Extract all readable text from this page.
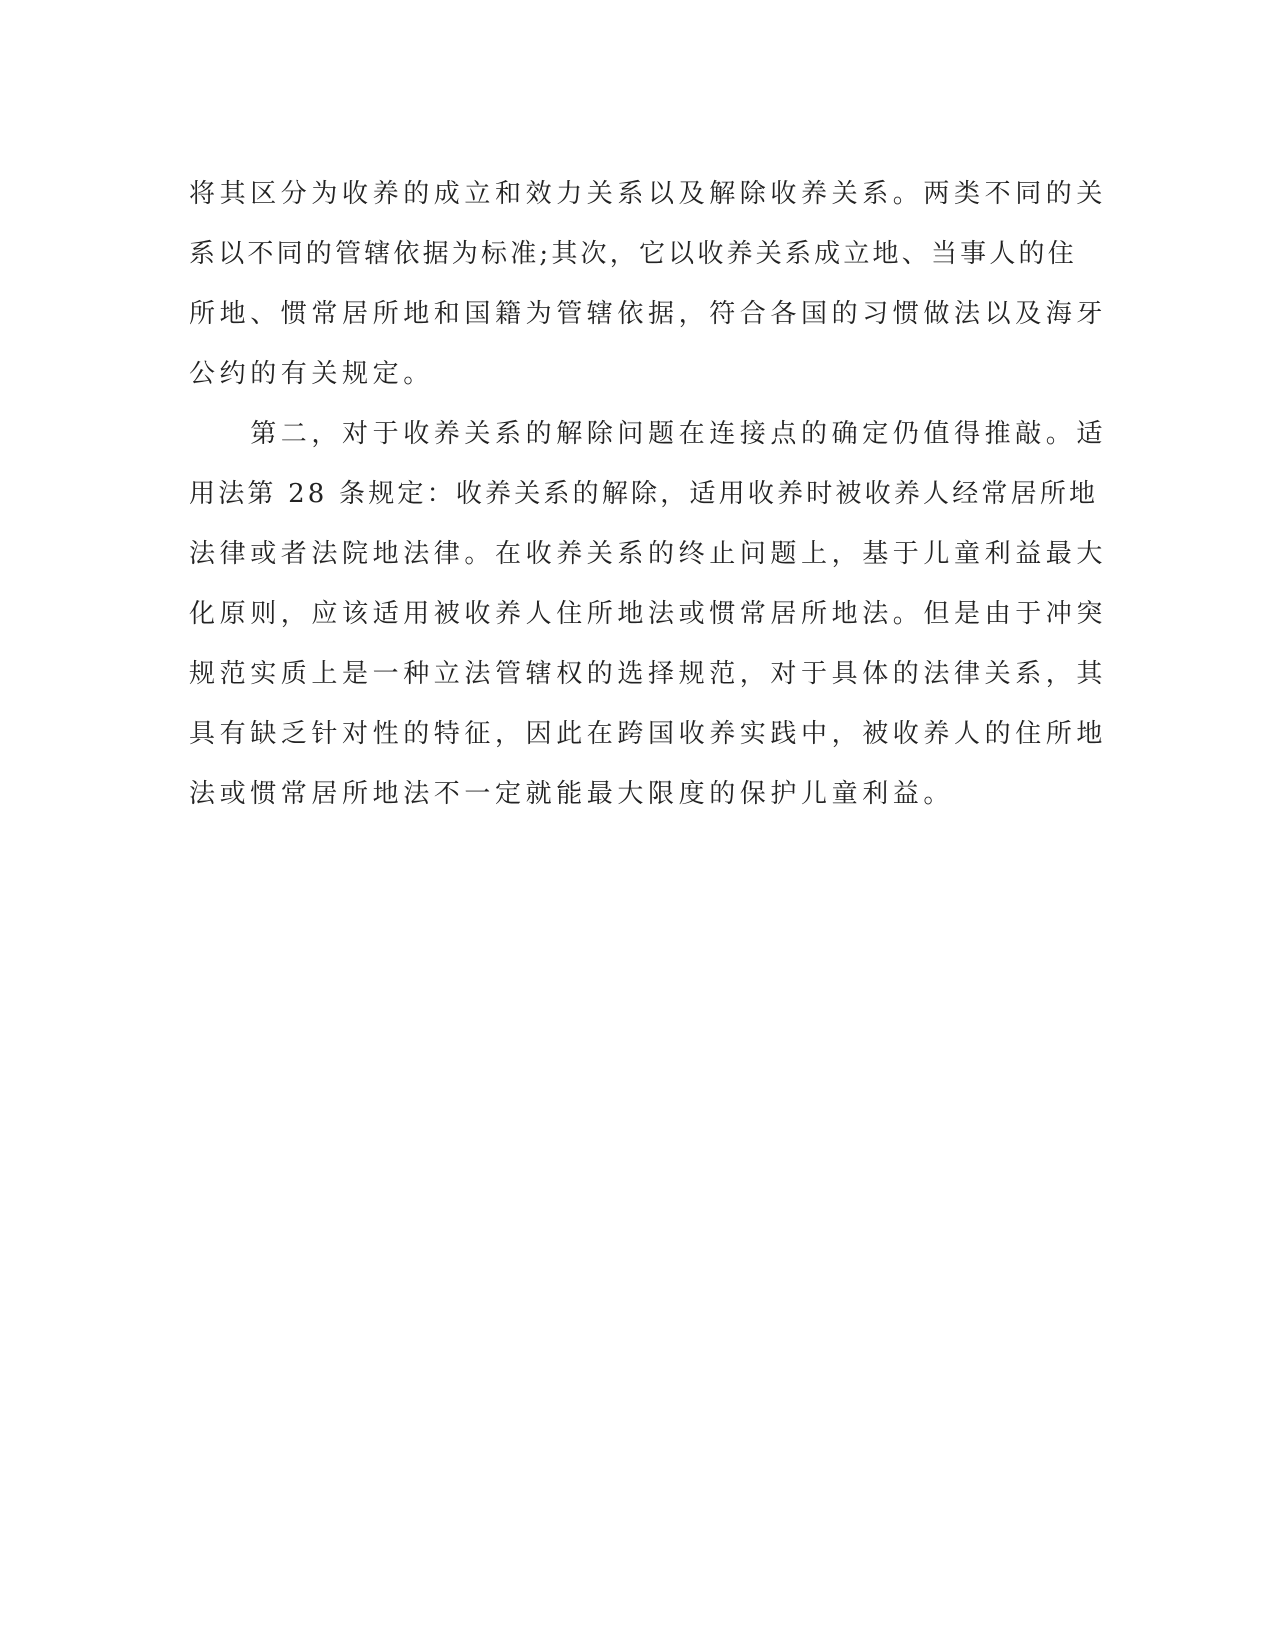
将其区分为收养的成立和效力关系以及解除收养关系。两类不同的关
系以不同的管辖依据为标准;其次，它以收养关系成立地、当事人的住
所地、惯常居所地和国籍为管辖依据，符合各国的习惯做法以及海牙
公约的有关规定。
　　第二，对于收养关系的解除问题在连接点的确定仍值得推敲。适
用法第 28 条规定：收养关系的解除，适用收养时被收养人经常居所地
法律或者法院地法律。在收养关系的终止问题上，基于儿童利益最大
化原则，应该适用被收养人住所地法或惯常居所地法。但是由于冲突
规范实质上是一种立法管辖权的选择规范，对于具体的法律关系，其
具有缺乏针对性的特征，因此在跨国收养实践中，被收养人的住所地
法或惯常居所地法不一定就能最大限度的保护儿童利益。
